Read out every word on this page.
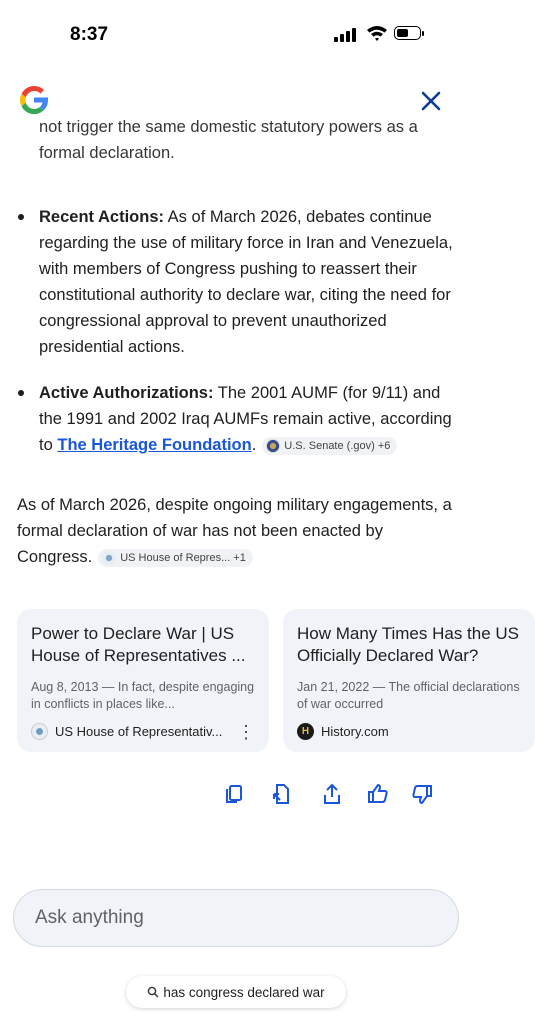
8:37
not trigger the same domestic statutory powers as a formal declaration.
Recent Actions: As of March 2026, debates continue regarding the use of military force in Iran and Venezuela, with members of Congress pushing to reassert their constitutional authority to declare war, citing the need for congressional approval to prevent unauthorized presidential actions.
Active Authorizations: The 2001 AUMF (for 9/11) and the 1991 and 2002 Iraq AUMFs remain active, according to The Heritage Foundation.	U.S. Senate (.gov) +6
As of March 2026, despite ongoing military engagements, a formal declaration of war has not been enacted by Congress.	US House of Repres... +1
Power to Declare War | US House of Representatives ...
Aug 8, 2013 — In fact, despite engaging in conflicts in places like...
US House of Representativ... ⋮
How Many Times Has the US Officially Declared War?
Jan 21, 2022 — The official declarations of war occurred
H History.com
Ask anything
has congress declared war
